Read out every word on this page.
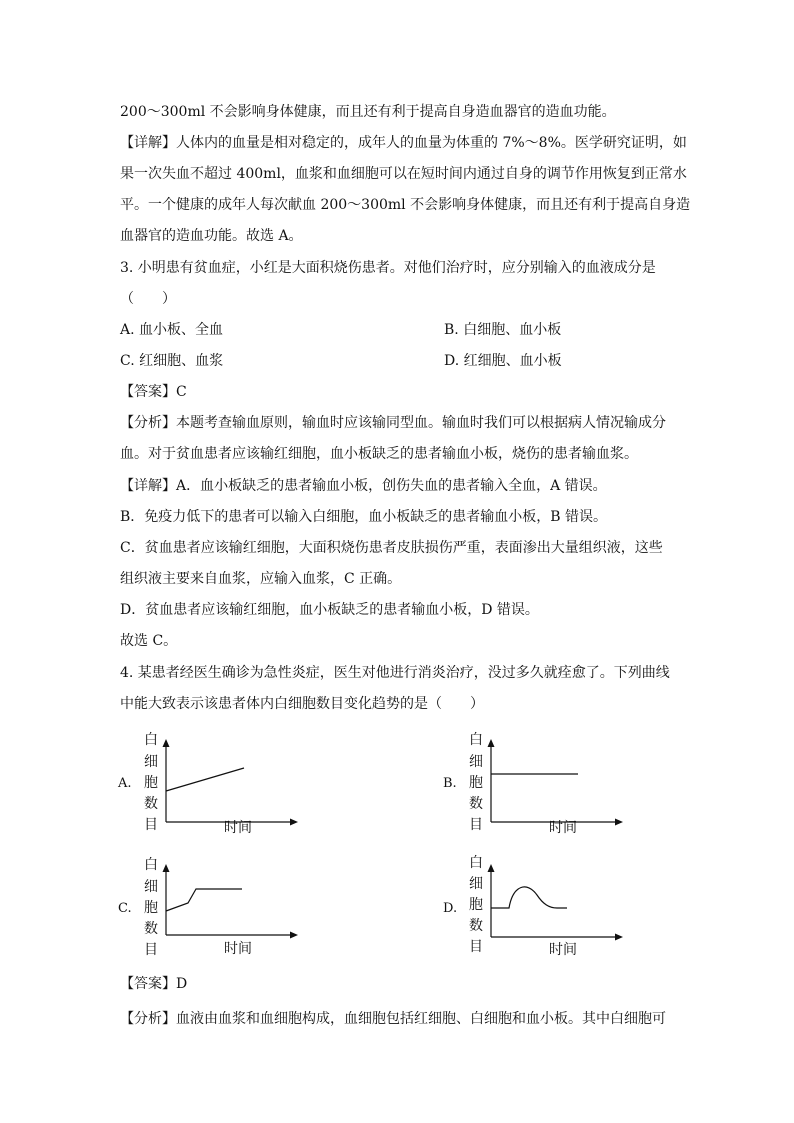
200～300ml 不会影响身体健康，而且还有利于提高自身造血器官的造血功能。
【详解】人体内的血量是相对稳定的，成年人的血量为体重的 7%～8%。医学研究证明，如
果一次失血不超过 400ml，血浆和血细胞可以在短时间内通过自身的调节作用恢复到正常水
平。一个健康的成年人每次献血 200～300ml 不会影响身体健康，而且还有利于提高自身造
血器官的造血功能。故选 A。
3. 小明患有贫血症，小红是大面积烧伤患者。对他们治疗时，应分别输入的血液成分是
（　　）
A. 血小板、全血	B. 白细胞、血小板
C. 红细胞、血浆	D. 红细胞、血小板
【答案】C
【分析】本题考查输血原则，输血时应该输同型血。输血时我们可以根据病人情况输成分
血。对于贫血患者应该输红细胞，血小板缺乏的患者输血小板，烧伤的患者输血浆。
【详解】A．血小板缺乏的患者输血小板，创伤失血的患者输入全血，A 错误。
B．免疫力低下的患者可以输入白细胞，血小板缺乏的患者输血小板，B 错误。
C．贫血患者应该输红细胞，大面积烧伤患者皮肤损伤严重，表面渗出大量组织液，这些
组织液主要来自血浆，应输入血浆，C 正确。
D．贫血患者应该输红细胞，血小板缺乏的患者输血小板，D 错误。
故选 C。
4. 某患者经医生确诊为急性炎症，医生对他进行消炎治疗，没过多久就痊愈了。下列曲线
中能大致表示该患者体内白细胞数目变化趋势的是（　　）
A.
白
细
胞
数
目	时间
B.
白
细
胞
数
目	时间
C.
白
细
胞
数
目	时间
D.
白
细
胞
数
目	时间
【答案】D
【分析】血液由血浆和血细胞构成，血细胞包括红细胞、白细胞和血小板。其中白细胞可
